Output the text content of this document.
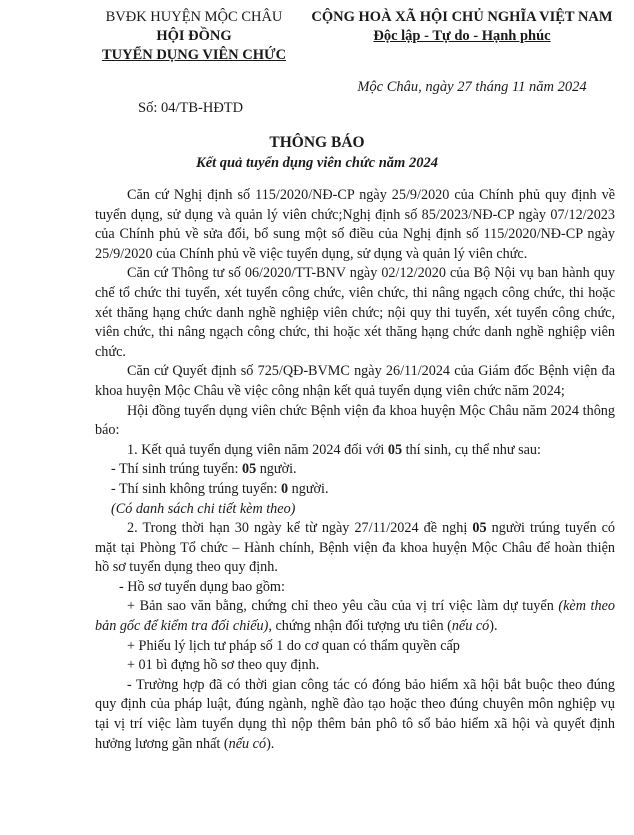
BVĐK HUYỆN MỘC CHÂU
HỘI ĐỒNG
TUYỂN DỤNG VIÊN CHỨC
CỘNG HOÀ XÃ HỘI CHỦ NGHĨA VIỆT NAM
Độc lập - Tự do - Hạnh phúc
Số: 04/TB-HĐTD
Mộc Châu, ngày 27 tháng 11 năm 2024
THÔNG BÁO
Kết quả tuyển dụng viên chức năm 2024

Căn cứ Nghị định số 115/2020/NĐ-CP ngày 25/9/2020 của Chính phủ quy định về tuyển dụng, sử dụng và quản lý viên chức;Nghị định số 85/2023/NĐ-CP ngày 07/12/2023 của Chính phủ về sửa đổi, bổ sung một số điều của Nghị định số 115/2020/NĐ-CP ngày 25/9/2020 của Chính phủ về việc tuyển dụng, sử dụng và quản lý viên chức.

Căn cứ Thông tư số 06/2020/TT-BNV ngày 02/12/2020 của Bộ Nội vụ ban hành quy chế tổ chức thi tuyển, xét tuyển công chức, viên chức, thi nâng ngạch công chức, thi hoặc xét thăng hạng chức danh nghề nghiệp viên chức; nội quy thi tuyển, xét tuyển công chức, viên chức, thi nâng ngạch công chức, thi hoặc xét thăng hạng chức danh nghề nghiệp viên chức.

Căn cứ Quyết định số 725/QĐ-BVMC ngày 26/11/2024 của Giám đốc Bệnh viện đa khoa huyện Mộc Châu về việc công nhận kết quả tuyển dụng viên chức năm 2024;

Hội đồng tuyển dụng viên chức Bệnh viện đa khoa huyện Mộc Châu năm 2024 thông báo:

1. Kết quả tuyển dụng viên năm 2024 đối với 05 thí sinh, cụ thể như sau:

- Thí sinh trúng tuyển: 05 người.

- Thí sinh không trúng tuyển: 0 người.

(Có danh sách chi tiết kèm theo)

2. Trong thời hạn 30 ngày kể từ ngày 27/11/2024 đề nghị 05 người trúng tuyển có mặt tại Phòng Tổ chức – Hành chính, Bệnh viện đa khoa huyện Mộc Châu để hoàn thiện hồ sơ tuyển dụng theo quy định.

- Hồ sơ tuyển dụng bao gồm:

+ Bản sao văn bằng, chứng chỉ theo yêu cầu của vị trí việc làm dự tuyển (kèm theo bản gốc để kiểm tra đối chiếu), chứng nhận đối tượng ưu tiên (nếu có).

+ Phiếu lý lịch tư pháp số 1 do cơ quan có thẩm quyền cấp

+ 01 bì đựng hồ sơ theo quy định.

- Trường hợp đã có thời gian công tác có đóng bảo hiểm xã hội bắt buộc theo đúng quy định của pháp luật, đúng ngành, nghề đào tạo hoặc theo đúng chuyên môn nghiệp vụ tại vị trí việc làm tuyển dụng thì nộp thêm bản phô tô sổ bảo hiểm xã hội và quyết định hưởng lương gần nhất (nếu có).
